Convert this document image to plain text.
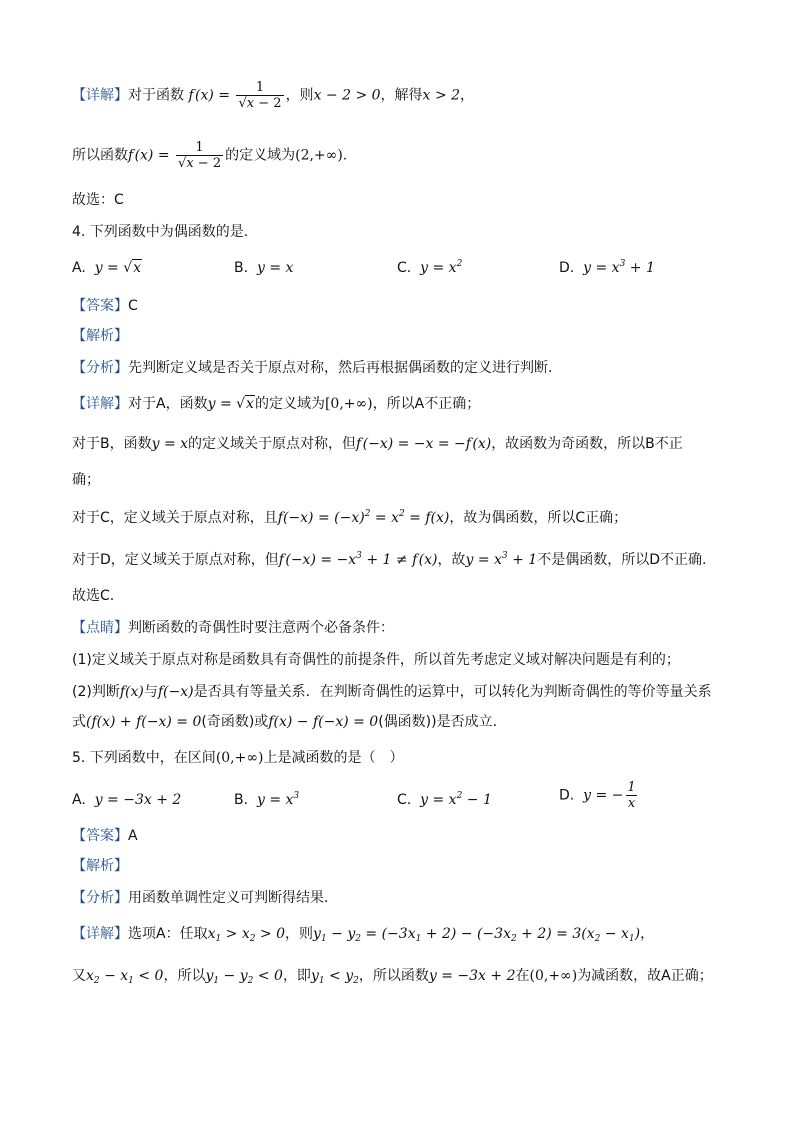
【详解】对于函数 f $(x) = \frac{1}{√x - 2}$ ，则x − 2 > 0，解得x > 2，
所以函数f $(x) = \frac{1}{√x - 2}$ 的定义域为(2,+∞).
故选：C
4. 下列函数中为偶函数的是.
A. y = √x	B. y = x	C. $y = x^2$	D. $y = x^3 + 1$
【答案】C
【解析】
【分析】先判断定义域是否关于原点对称，然后再根据偶函数的定义进行判断.
【详解】对于A，函数y = √x的定义域为[0,+∞)，所以A不正确；
对于B，函数y = x的定义域关于原点对称，但f (−x) = −x = −f (x)，故函数为奇函数，所以B不正
确；
对于C，定义域关于原点对称，且$f(-x) = (-x)^2 = x^2 = f(x)$，故为偶函数，所以C正确；
对于D，定义域关于原点对称，但f $(-x) = -x^3 + 1 \ne f$ (x)，故$y = x^3 + 1$不是偶函数，所以D不正确.
故选C.
【点睛】判断函数的奇偶性时要注意两个必备条件：
(1)定义域关于原点对称是函数具有奇偶性的前提条件，所以首先考虑定义域对解决问题是有利的；
(2)判断f(x)与f(−x)是否具有等量关系．在判断奇偶性的运算中，可以转化为判断奇偶性的等价等量关系
式(f(x) + f(−x) = 0(奇函数)或f(x) − f(−x) = 0(偶函数))是否成立.
5. 下列函数中，在区间(0,+∞)上是减函数的是（　）
A. y = −3x + 2	B. $y = x^3$	C. $y = x^2 - 1$	D. y = − $\frac{1}{x}$
【答案】A
【解析】
【分析】用函数单调性定义可判断得结果.
【详解】选项A：任取$x_1 > x_2 > 0$，则$y_1 - y_2 = (-3x_1 + 2) - (-3x_2 + 2) = 3(x_2 - x_1)$，
又$x_2 - x_1 < 0$，所以$y_1 - y_2 < 0$，即$y_1 < y_2$，所以函数y = −3x + 2在(0,+∞)为减函数，故A正确；
